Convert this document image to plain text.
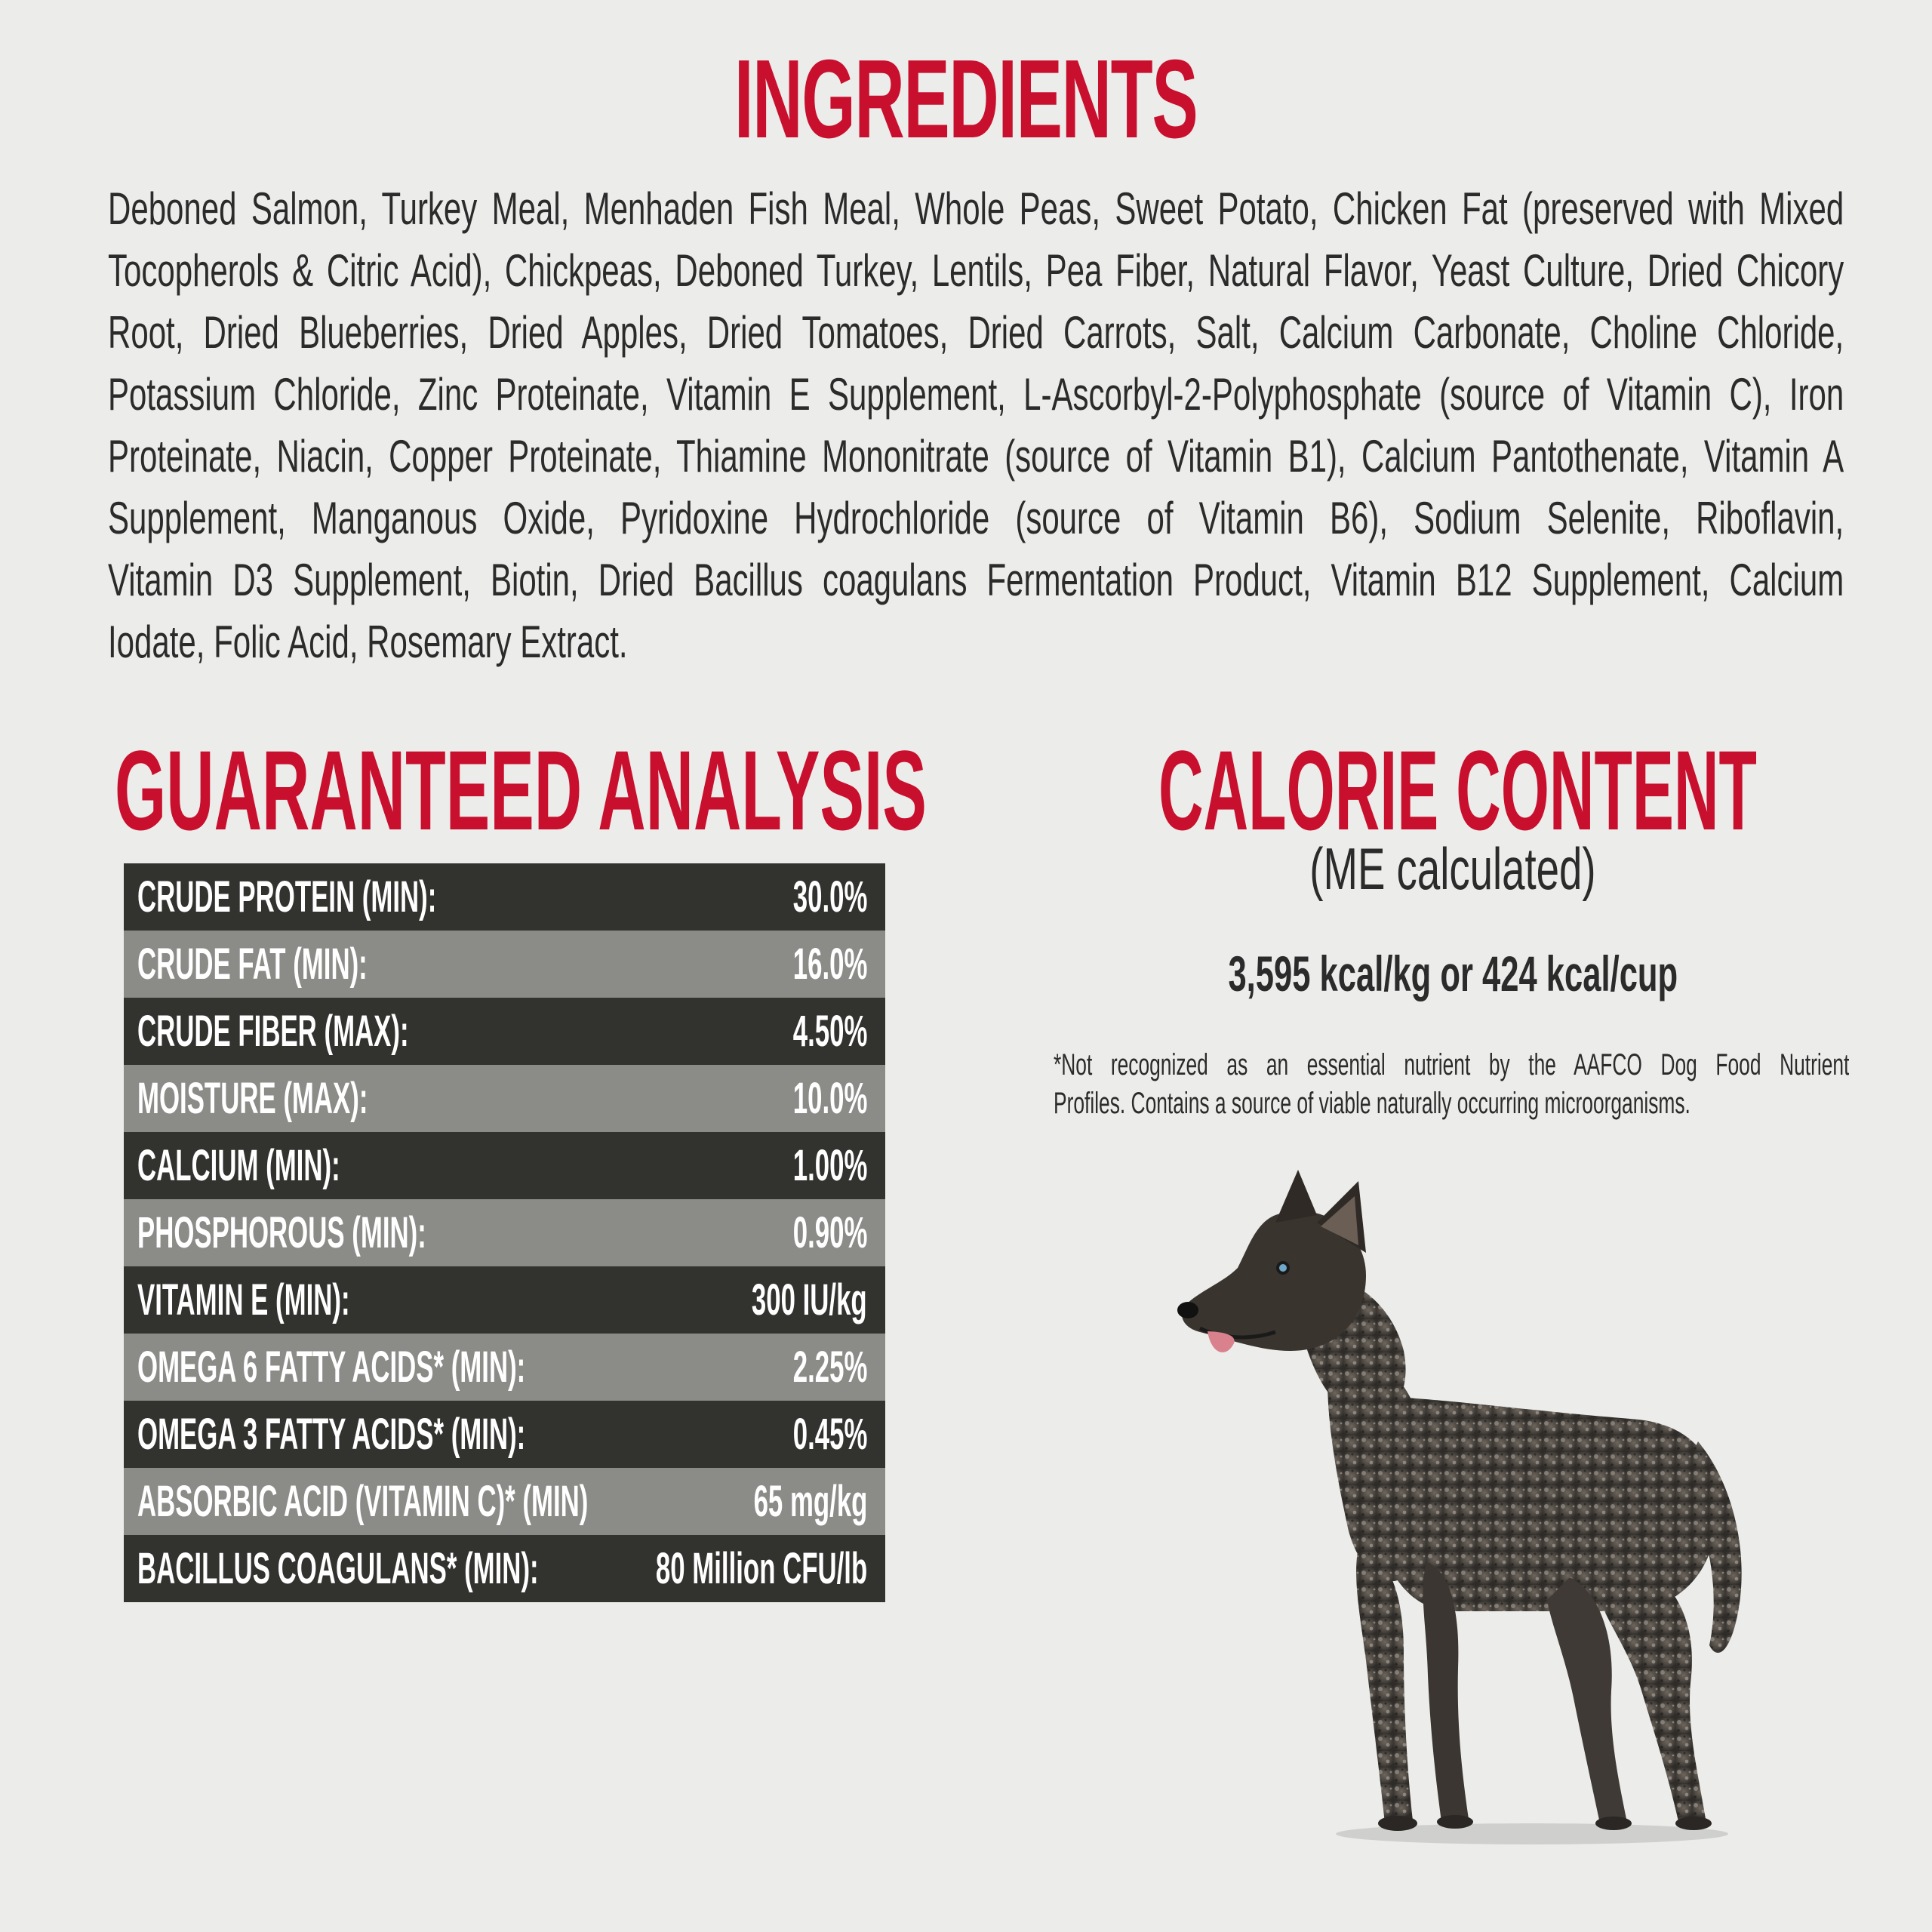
INGREDIENTS
Deboned Salmon, Turkey Meal, Menhaden Fish Meal, Whole Peas, Sweet Potato, Chicken Fat (preserved with Mixed
Tocopherols & Citric Acid), Chickpeas, Deboned Turkey, Lentils, Pea Fiber, Natural Flavor, Yeast Culture, Dried Chicory
Root, Dried Blueberries, Dried Apples, Dried Tomatoes, Dried Carrots, Salt, Calcium Carbonate, Choline Chloride,
Potassium Chloride, Zinc Proteinate, Vitamin E Supplement, L-Ascorbyl-2-Polyphosphate (source of Vitamin C), Iron
Proteinate, Niacin, Copper Proteinate, Thiamine Mononitrate (source of Vitamin B1), Calcium Pantothenate, Vitamin A
Supplement, Manganous Oxide, Pyridoxine Hydrochloride (source of Vitamin B6), Sodium Selenite, Riboflavin,
Vitamin D3 Supplement, Biotin, Dried Bacillus coagulans Fermentation Product, Vitamin B12 Supplement, Calcium
Iodate, Folic Acid, Rosemary Extract.
GUARANTEED ANALYSIS
CRUDE PROTEIN (MIN):	30.0%
CRUDE FAT (MIN):	16.0%
CRUDE FIBER (MAX):	4.50%
MOISTURE (MAX):	10.0%
CALCIUM (MIN):	1.00%
PHOSPHOROUS (MIN):	0.90%
VITAMIN E (MIN):	300 IU/kg
OMEGA 6 FATTY ACIDS* (MIN):	2.25%
OMEGA 3 FATTY ACIDS* (MIN):	0.45%
ABSORBIC ACID (VITAMIN C)* (MIN)	65 mg/kg
BACILLUS COAGULANS* (MIN):	80 Million CFU/lb
CALORIE CONTENT
(ME calculated)
3,595 kcal/kg or 424 kcal/cup
*Not recognized as an essential nutrient by the AAFCO Dog Food Nutrient
Profiles. Contains a source of viable naturally occurring microorganisms.
